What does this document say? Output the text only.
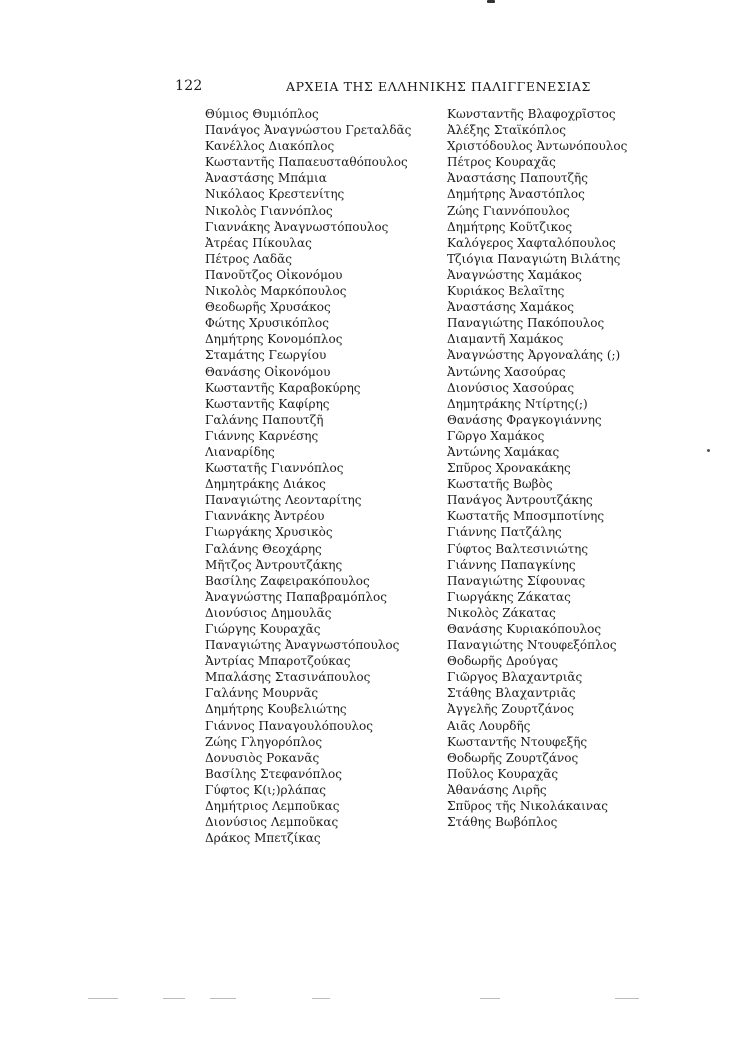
122	ΑΡΧΕΙΑ ΤΗΣ ΕΛΛΗΝΙΚΗΣ ΠΑΛΙΓΓΕΝΕΣΙΑΣ
Θύμιος Θυμιόπλος
Πανάγος Ἀναγνώστου Γρεταλδᾶς
Κανέλλος Διακόπλος
Κωσταντῆς Παπαευσταθόπουλος
Ἀναστάσης Μπάμια
Νικόλαος Κρεστενίτης
Νικολὸς Γιαννόπλος
Γιαννάκης Ἀναγνωστόπουλος
Ἀτρέας Πίκουλας
Πέτρος Λαδᾶς
Πανοῦτζος Οἰκονόμου
Νικολὸς Μαρκόπουλος
Θεοδωρῆς Χρυσάκος
Φώτης Χρυσικόπλος
Δημήτρης Κονομόπλος
Σταμάτης Γεωργίου
Θανάσης Οἰκονόμου
Κωσταντῆς Καραβοκύρης
Κωσταντῆς Καφίρης
Γαλάνης Παπουτζῆ
Γιάννης Καρνέσης
Λιαναρίδης
Κωστατῆς Γιαννόπλος
Δημητράκης Διάκος
Παναγιώτης Λεονταρίτης
Γιαννάκης Ἀντρέου
Γιωργάκης Χρυσικὸς
Γαλάνης Θεοχάρης
Μῆτζος Ἀντρουτζάκης
Βασίλης Ζαφειρακόπουλος
Ἀναγνώστης Παπαβραμόπλος
Διονύσιος Δημουλᾶς
Γιώργης Κουραχᾶς
Παναγιώτης Ἀναγνωστόπουλος
Ἀντρίας Μπαροτζούκας
Μπαλάσης Στασινάπουλος
Γαλάνης Μουρνᾶς
Δημήτρης Κουβελιώτης
Γιάννος Παναγουλόπουλος
Ζώης Γληγορόπλος
Δονυσιὸς Ροκανᾶς
Βασίλης Στεφανόπλος
Γύφτος Κ(ι;)ρλάπας
Δημήτριος Λεμποῦκας
Διονύσιος Λεμποῦκας
Δράκος Μπετζίκας
Κωνσταντῆς Βλαφοχρῖστος
Ἀλέξης Σταϊκόπλος
Χριστόδουλος Ἀντωνόπουλος
Πέτρος Κουραχᾶς
Ἀναστάσης Παπουτζῆς
Δημήτρης Ἀναστόπλος
Ζώης Γιαννόπουλος
Δημήτρης Κοῦτζικος
Καλόγερος Χαφταλόπουλος
Τζιόγια Παναγιώτη Βιλάτης
Ἀναγνώστης Χαμάκος
Κυριάκος Βελαῖτης
Ἀναστάσης Χαμάκος
Παναγιώτης Πακόπουλος
Διαμαντῆ Χαμάκος
Ἀναγνώστης Ἀργοναλάης (;)
Ἀντώνης Χασούρας
Διονύσιος Χασούρας
Δημητράκης Ντίρτης(;)
Θανάσης Φραγκογιάννης
Γῶργο Χαμάκος
Ἀντώνης Χαμάκας
Σπῦρος Χρονακάκης
Κωστατῆς Βωβὸς
Πανάγος Ἀντρουτζάκης
Κωστατῆς Μποσμποτίνης
Γιάννης Πατζάλης
Γύφτος Βαλτεσινιώτης
Γιάννης Παπαγκίνης
Παναγιώτης Σίφουνας
Γιωργάκης Ζάκατας
Νικολὸς Ζάκατας
Θανάσης Κυριακόπουλος
Παναγιώτης Ντουφεξόπλος
Θοδωρῆς Δρούγας
Γιῶργος Βλαχαντριᾶς
Στάθης Βλαχαντριᾶς
Ἀγγελῆς Ζουρτζάνος
Αιᾶς Λουρδῆς
Κωσταντῆς Ντουφεξῆς
Θοδωρῆς Ζουρτζάνος
Ποῦλος Κουραχᾶς
Ἀθανάσης Λιρῆς
Σπῦρος τῆς Νικολάκαινας
Στάθης Βωβόπλος
